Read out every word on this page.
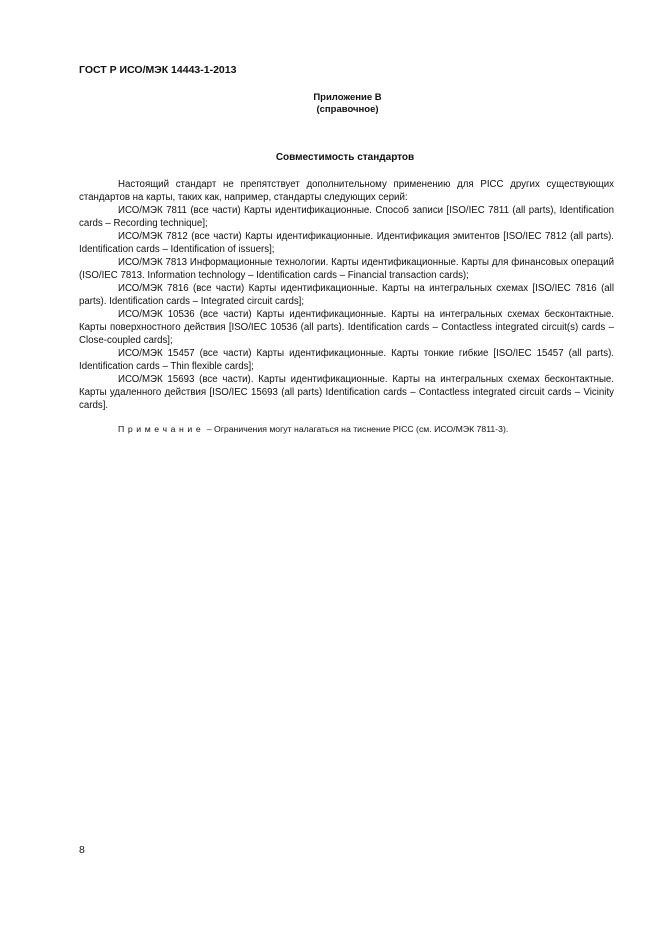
ГОСТ Р ИСО/МЭК 14443-1-2013
Приложение В
(справочное)
Совместимость стандартов

Настоящий стандарт не препятствует дополнительному применению для PICC других существующих стандартов на карты, таких как, например, стандарты следующих серий:

ИСО/МЭК 7811 (все части) Карты идентификационные. Способ записи [ISO/IEC 7811 (all parts), Identification cards – Recording technique];

ИСО/МЭК 7812 (все части) Карты идентификационные. Идентификация эмитентов [ISO/IEC 7812 (all parts). Identification cards – Identification of issuers];

ИСО/МЭК 7813 Информационные технологии. Карты идентификационные. Карты для финансовых операций (ISO/IEC 7813. Information technology – Identification cards – Financial transaction cards);

ИСО/МЭК 7816 (все части) Карты идентификационные. Карты на интегральных схемах [ISO/IEC 7816 (all parts). Identification cards – Integrated circuit cards];

ИСО/МЭК 10536 (все части) Карты идентификационные. Карты на интегральных схемах бесконтактные. Карты поверхностного действия [ISO/IEC 10536 (all parts). Identification cards – Contactless integrated circuit(s) cards – Close-coupled cards];

ИСО/МЭК 15457 (все части) Карты идентификационные. Карты тонкие гибкие [ISO/IEC 15457 (all parts). Identification cards – Thin flexible cards];

ИСО/МЭК 15693 (все части). Карты идентификационные. Карты на интегральных схемах бесконтактные. Карты удаленного действия [ISO/IEC 15693 (all parts) Identification cards – Contactless integrated circuit cards – Vicinity cards].

Примечание – Ограничения могут налагаться на тиснение PICC (см. ИСО/МЭК 7811-3).
8
